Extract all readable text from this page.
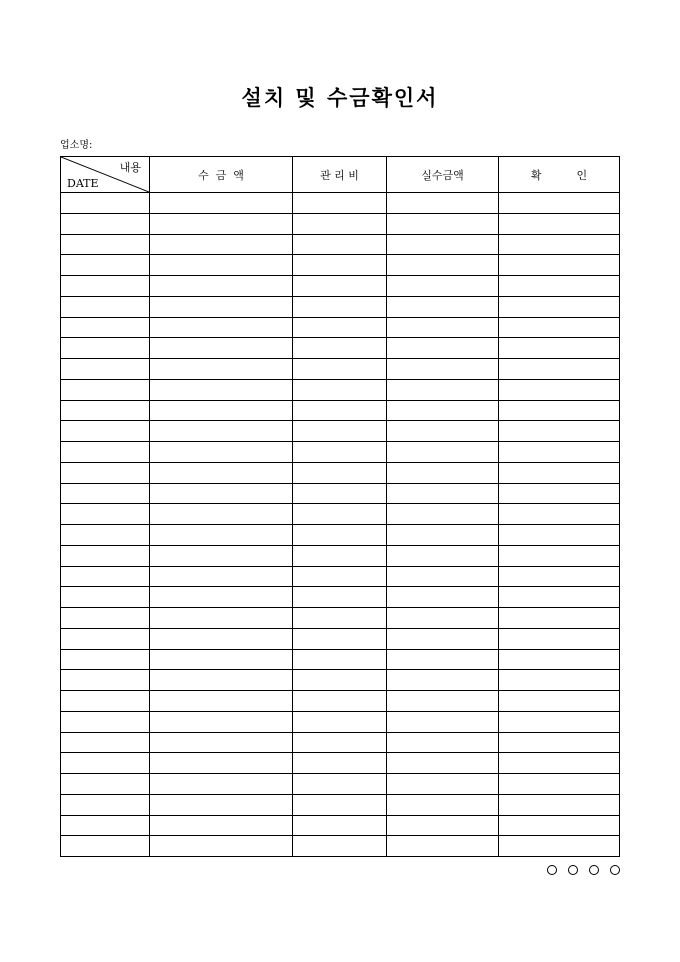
설치 및 수금확인서
업소명:
내용
DATE	수  금  액	관 리 비	실수금액	확          인
